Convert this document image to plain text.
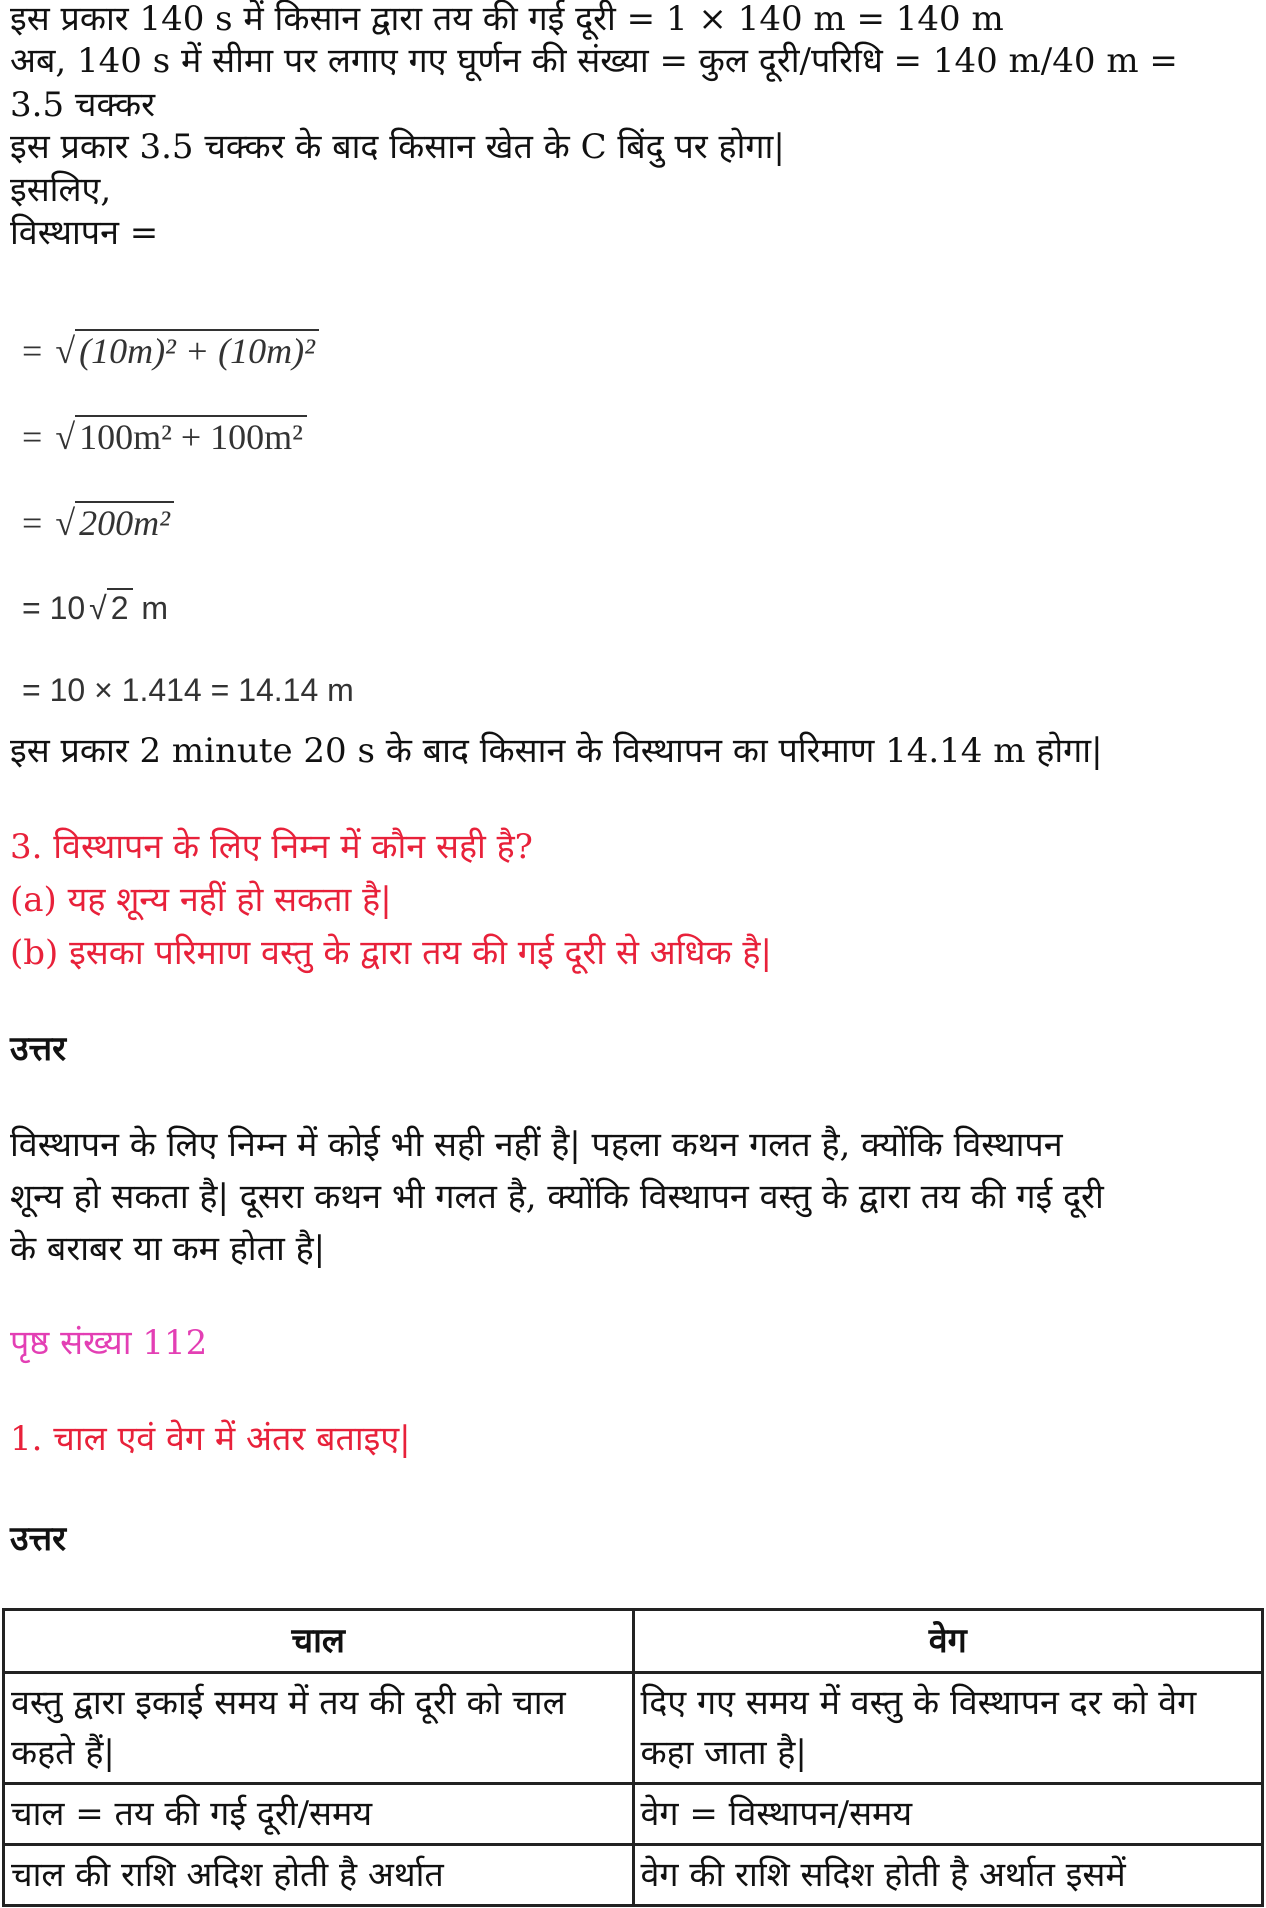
इस प्रकार 140 s में किसान द्वारा तय की गई दूरी = 1 × 140 m = 140 m
अब, 140 s में सीमा पर लगाए गए घूर्णन की संख्या = कुल दूरी/परिधि = 140 m/40 m =
3.5 चक्कर
इस प्रकार 3.5 चक्कर के बाद किसान खेत के C बिंदु पर होगा|
इसलिए,
विस्थापन =
= √ (10m)² + (10m)²
= √ 100m² + 100m²
= √ 200m²
= 10 √ 2 m
= 10 × 1.414 = 14.14 m
इस प्रकार 2 minute 20 s के बाद किसान के विस्थापन का परिमाण 14.14 m होगा|
3. विस्थापन के लिए निम्न में कौन सही है?
(a) यह शून्य नहीं हो सकता है|
(b) इसका परिमाण वस्तु के द्वारा तय की गई दूरी से अधिक है|
उत्तर
विस्थापन के लिए निम्न में कोई भी सही नहीं है| पहला कथन गलत है, क्योंकि विस्थापन
शून्य हो सकता है| दूसरा कथन भी गलत है, क्योंकि विस्थापन वस्तु के द्वारा तय की गई दूरी
के बराबर या कम होता है|
पृष्ठ संख्या 112
1. चाल एवं वेग में अंतर बताइए|
उत्तर
चाल	वेग
वस्तु द्वारा इकाई समय में तय की दूरी को चाल कहते हैं|	दिए गए समय में वस्तु के विस्थापन दर को वेग कहा जाता है|
चाल = तय की गई दूरी/समय	वेग = विस्थापन/समय
चाल की राशि अदिश होती है अर्थात	वेग की राशि सदिश होती है अर्थात इसमें
